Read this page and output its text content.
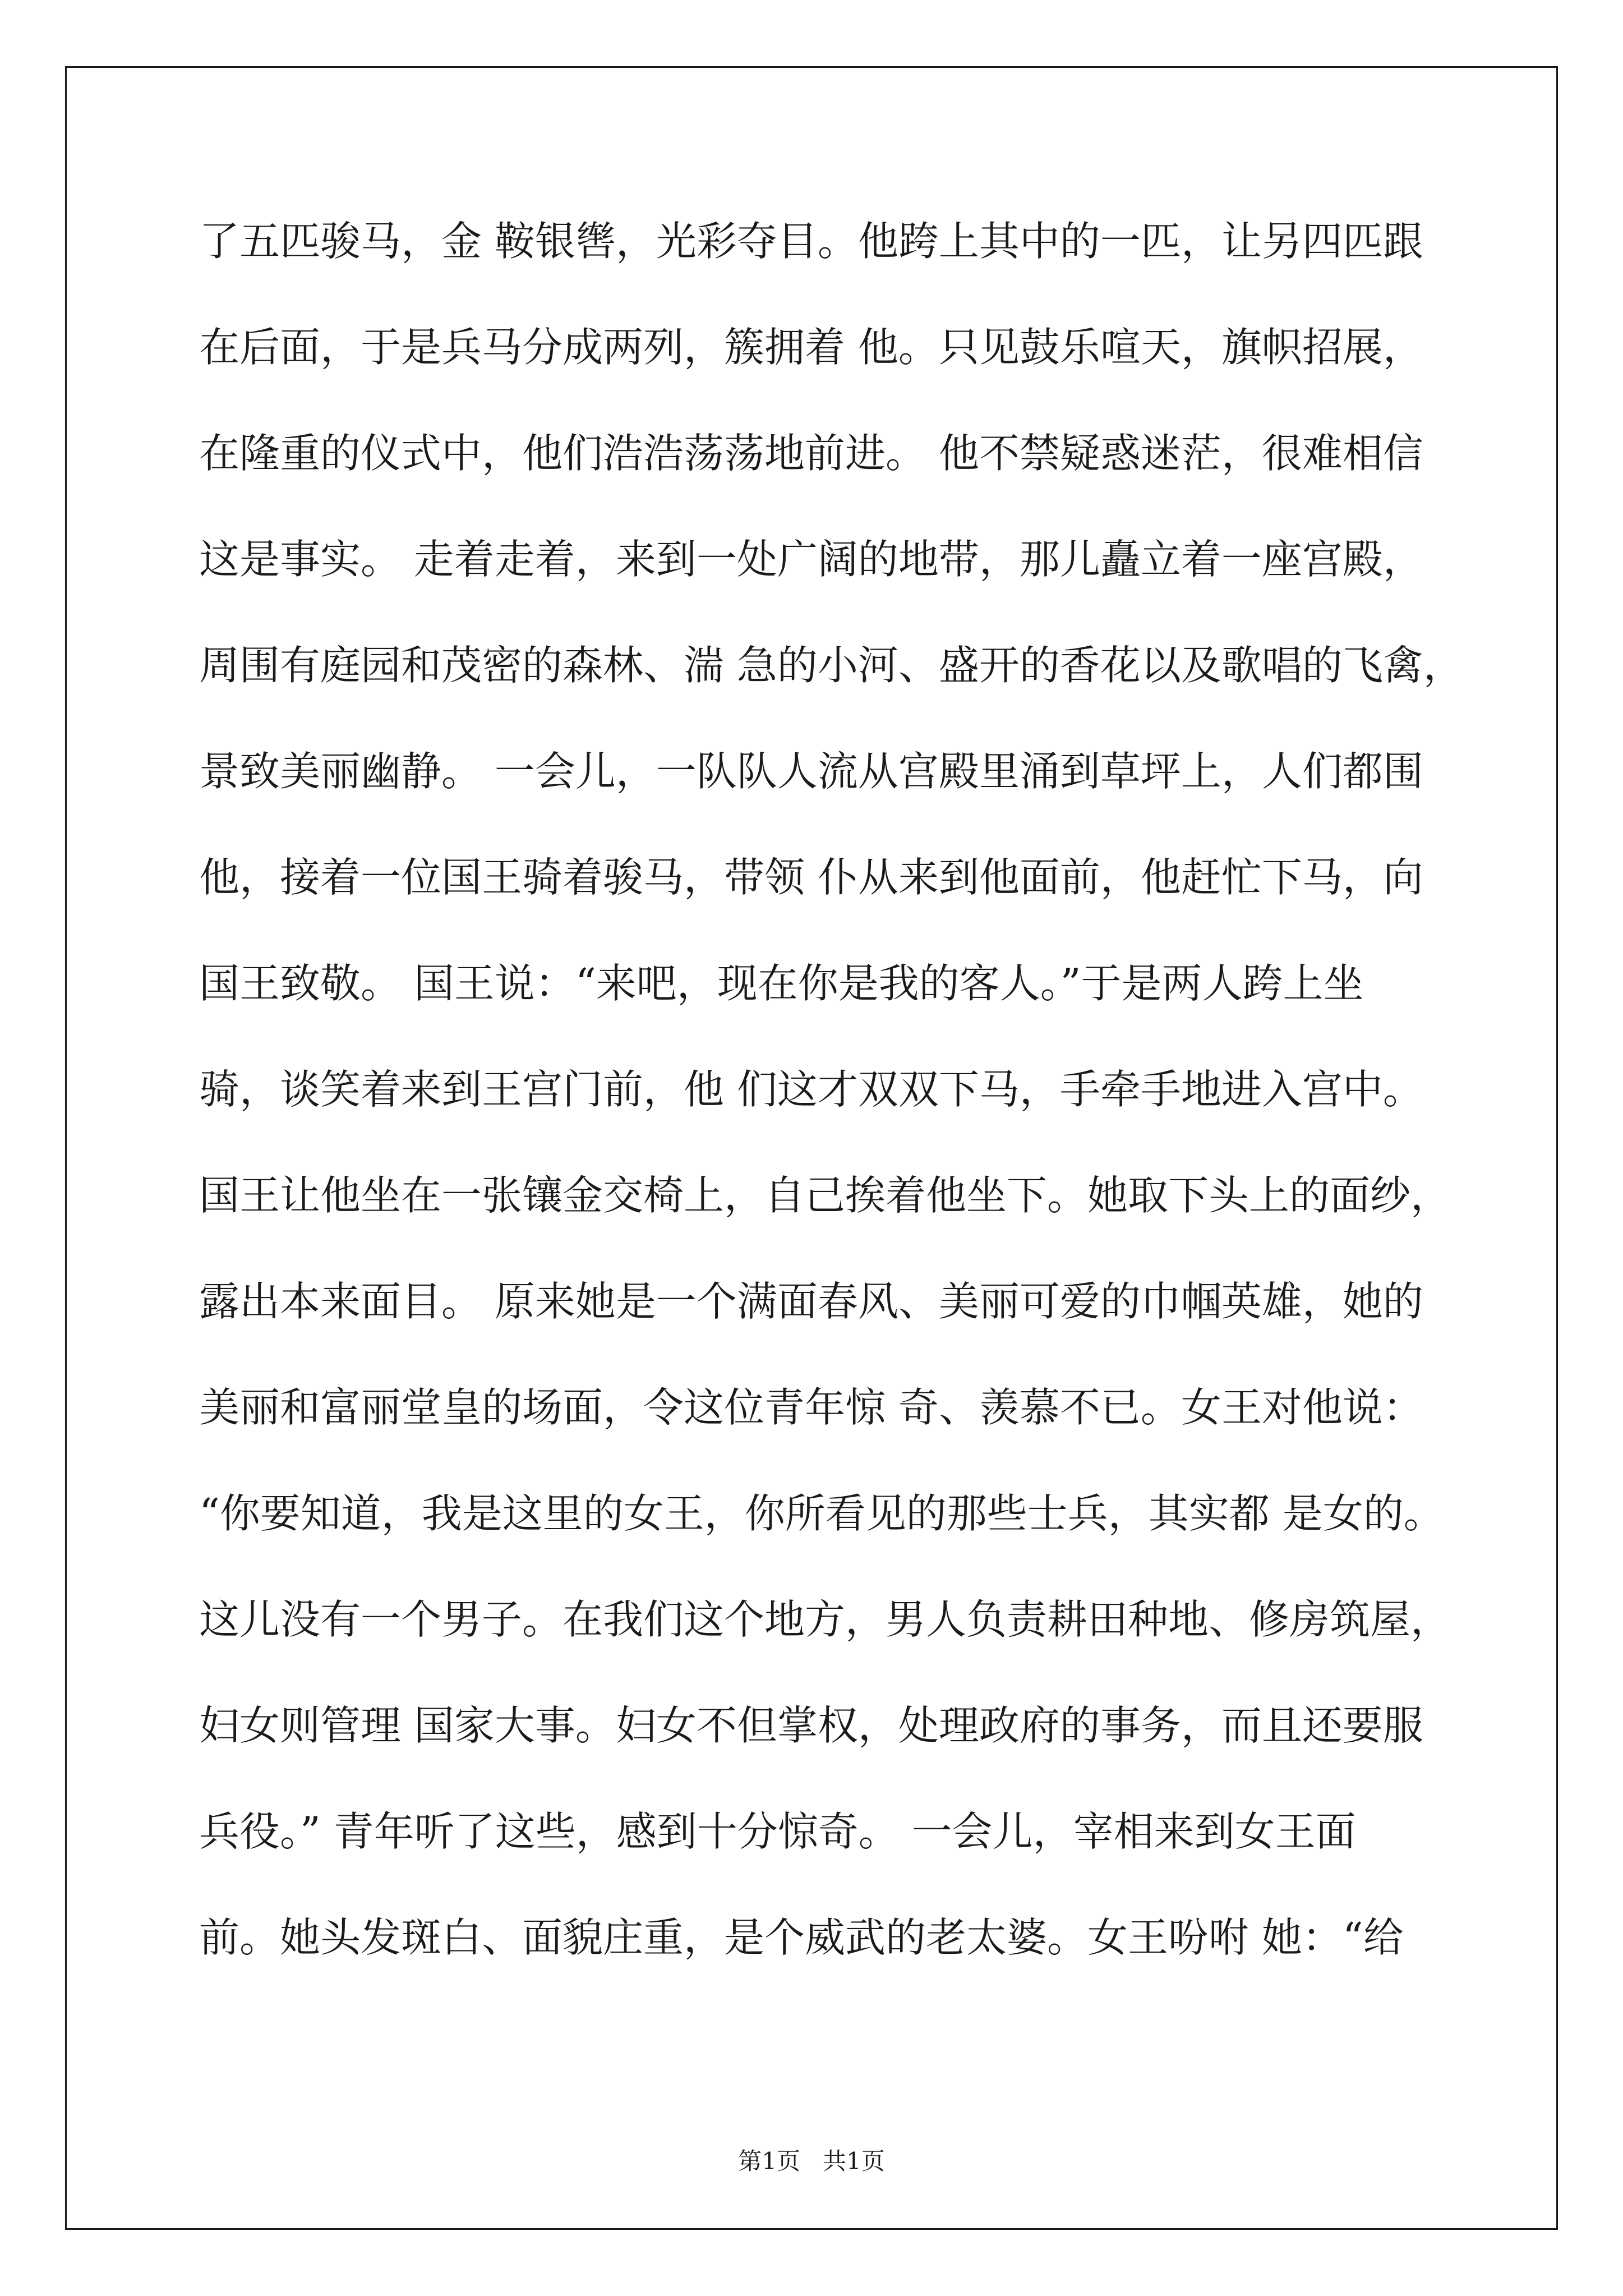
了五匹骏马，金 鞍银辔，光彩夺目。他跨上其中的一匹，让另四匹跟
在后面，于是兵马分成两列，簇拥着 他。只见鼓乐喧天，旗帜招展，
在隆重的仪式中，他们浩浩荡荡地前进。 他不禁疑惑迷茫，很难相信
这是事实。 走着走着，来到一处广阔的地带，那儿矗立着一座宫殿，
周围有庭园和茂密的森林、湍 急的小河、盛开的香花以及歌唱的飞禽，
景致美丽幽静。 一会儿，一队队人流从宫殿里涌到草坪上，人们都围
他，接着一位国王骑着骏马，带领 仆从来到他面前，他赶忙下马，向
国王致敬。 国王说：“来吧，现在你是我的客人。”于是两人跨上坐
骑，谈笑着来到王宫门前，他 们这才双双下马，手牵手地进入宫中。
国王让他坐在一张镶金交椅上，自己挨着他坐下。她取下头上的面纱，
露出本来面目。 原来她是一个满面春风、美丽可爱的巾帼英雄，她的
美丽和富丽堂皇的场面，令这位青年惊 奇、羡慕不已。女王对他说：
“你要知道，我是这里的女王，你所看见的那些士兵，其实都 是女的。
这儿没有一个男子。在我们这个地方，男人负责耕田种地、修房筑屋，
妇女则管理 国家大事。妇女不但掌权，处理政府的事务，而且还要服
兵役。” 青年听了这些，感到十分惊奇。 一会儿，宰相来到女王面
前。她头发斑白、面貌庄重，是个威武的老太婆。女王吩咐 她：“给
第1页   共1页
